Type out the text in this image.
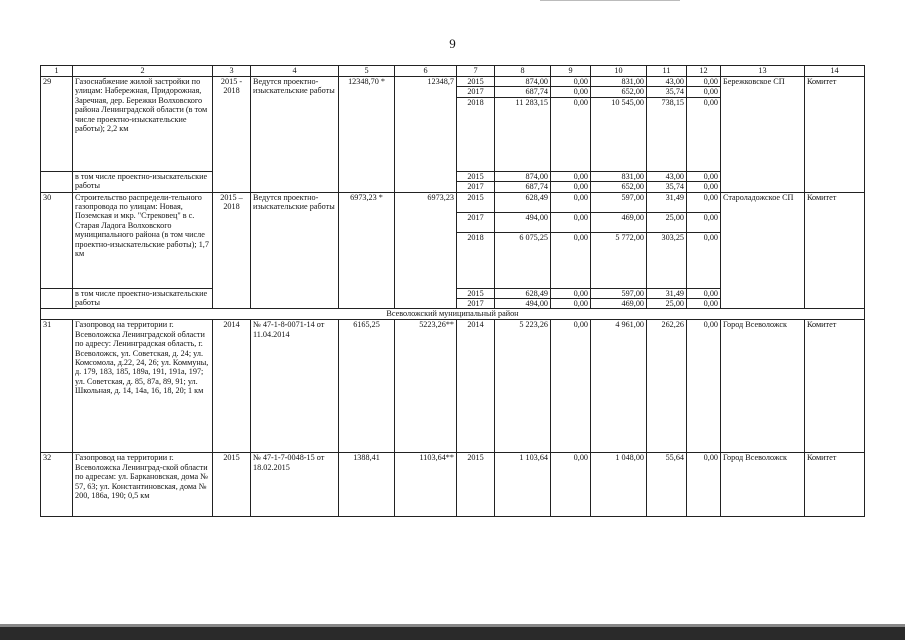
9
1	2	3	4	5	6	7	8	9	10	11	12	13	14
29	Газоснабжение жилой застройки по улицам: Набережная, Придорожная, Заречная, дер. Бережки Волховского района Ленинградской области (в том числе проектно-изыскательские работы); 2,2 км	2015 - 2018	Ведутся проектно-изыскательские работы	12348,70 *	12348,7	2015	874,00	0,00	831,00	43,00	0,00	Бережковское СП	Комитет
						2017	687,74	0,00	652,00	35,74	0,00		
						2018	11 283,15	0,00	10 545,00	738,15	0,00		
	в том числе проектно-изыскательские работы					2015	874,00	0,00	831,00	43,00	0,00		
						2017	687,74	0,00	652,00	35,74	0,00		
30	Строительство распредели-тельного газопровода по улицам: Новая, Поземская и мкр. "Стрековец" в с. Старая Ладога Волховского муниципального района (в том числе проектно-изыскательские работы); 1,7 км	2015 – 2018	Ведутся проектно-изыскательские работы	6973,23 *	6973,23	2015	628,49	0,00	597,00	31,49	0,00	Староладожское СП	Комитет
						2017	494,00	0,00	469,00	25,00	0,00		
						2018	6 075,25	0,00	5 772,00	303,25	0,00		
	в том числе проектно-изыскательские работы					2015	628,49	0,00	597,00	31,49	0,00		
						2017	494,00	0,00	469,00	25,00	0,00		
Всеволожский муниципальный район													
31	Газопровод на территории г. Всеволожска Ленинградской области по адресу: Ленинградская область, г. Всеволожск, ул. Советская, д. 24; ул. Комсомола, д.22, 24, 26; ул. Коммуны, д. 179, 183, 185, 189а, 191, 191а, 197; ул. Советская, д. 85, 87а, 89, 91; ул. Школьная, д. 14, 14а, 16, 18, 20; 1 км	2014	№ 47-1-8-0071-14 от 11.04.2014	6165,25	5223,26**	2014	5 223,26	0,00	4 961,00	262,26	0,00	Город Всеволожск	Комитет
32	Газопровод на территории г. Всеволожска Ленинград-ской области по адресам: ул. Баркановская, дома № 57, 63; ул. Константиновская, дома № 200, 186а, 190; 0,5 км	2015	№ 47-1-7-0048-15 от 18.02.2015	1388,41	1103,64**	2015	1 103,64	0,00	1 048,00	55,64	0,00	Город Всеволожск	Комитет
